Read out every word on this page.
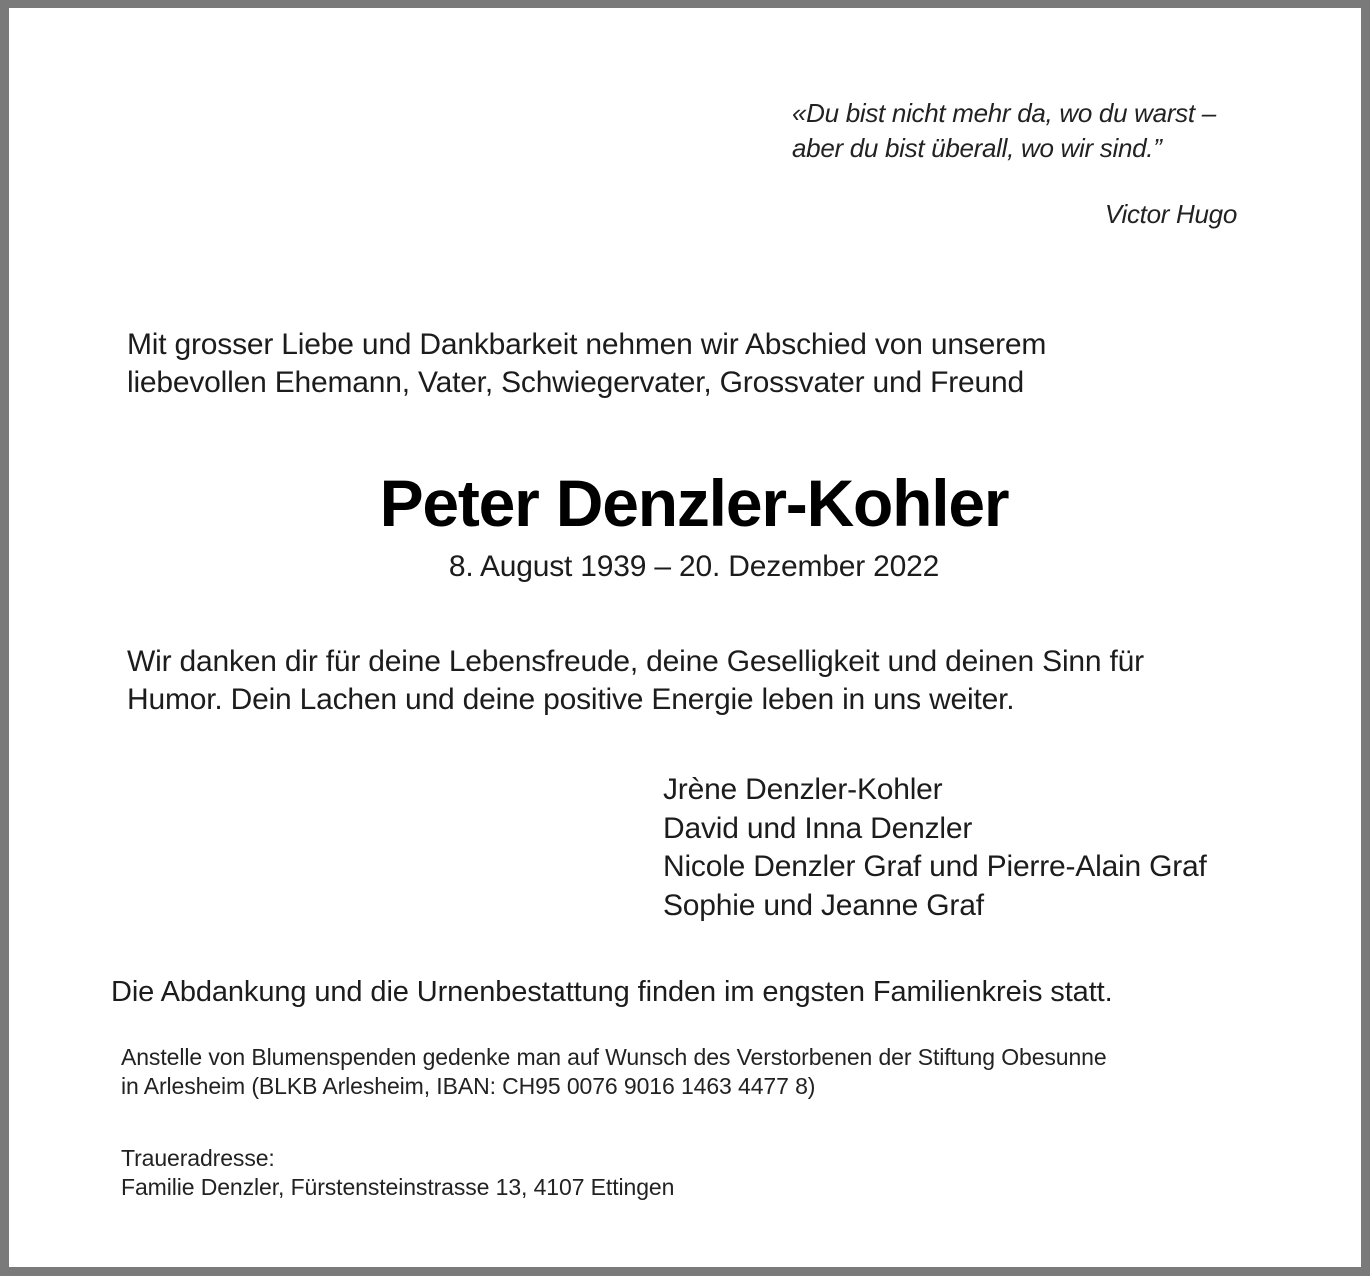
«Du bist nicht mehr da, wo du warst –
aber du bist überall, wo wir sind.”
Victor Hugo
Mit grosser Liebe und Dankbarkeit nehmen wir Abschied von unserem
liebevollen Ehemann, Vater, Schwiegervater, Grossvater und Freund
Peter Denzler-Kohler
8. August 1939 – 20. Dezember 2022
Wir danken dir für deine Lebensfreude, deine Geselligkeit und deinen Sinn für
Humor. Dein Lachen und deine positive Energie leben in uns weiter.
Jrène Denzler-Kohler
David und Inna Denzler
Nicole Denzler Graf und Pierre-Alain Graf
Sophie und Jeanne Graf
Die Abdankung und die Urnenbestattung finden im engsten Familienkreis statt.
Anstelle von Blumenspenden gedenke man auf Wunsch des Verstorbenen der Stiftung Obesunne
in Arlesheim (BLKB Arlesheim, IBAN: CH95 0076 9016 1463 4477 8)
Traueradresse:
Familie Denzler, Fürstensteinstrasse 13, 4107 Ettingen
